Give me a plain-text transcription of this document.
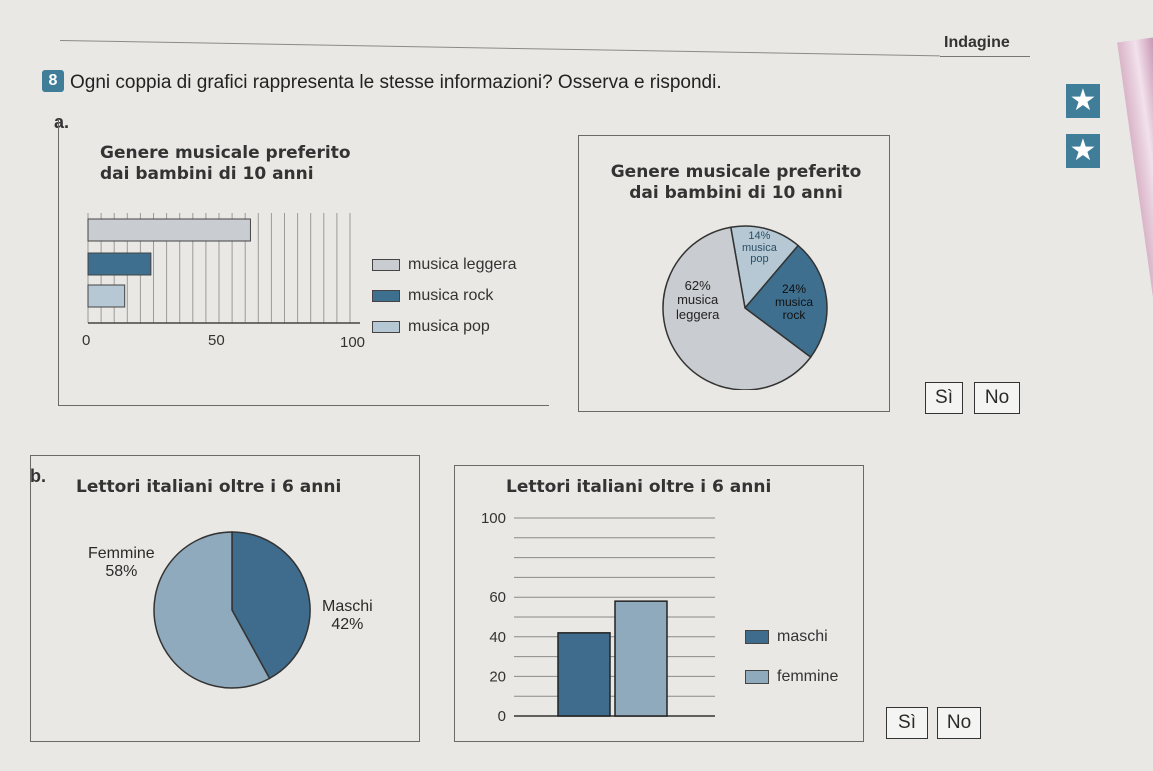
Indagine
8 Ogni coppia di grafici rappresenta le stesse informazioni? Osserva e rispondi.
★
★
a.
Genere musicale preferito
dai bambini di 10 anni
0	50	100
musica leggera
musica rock
musica pop
Genere musicale preferito
dai bambini di 10 anni
14%
musica
pop
24%
musica
rock
62%
musica
leggera
Sì	No
b.
Lettori italiani oltre i 6 anni
Femmine
58%
Maschi
42%
Lettori italiani oltre i 6 anni
0
20
40
60
100
maschi
femmine
Sì	No
